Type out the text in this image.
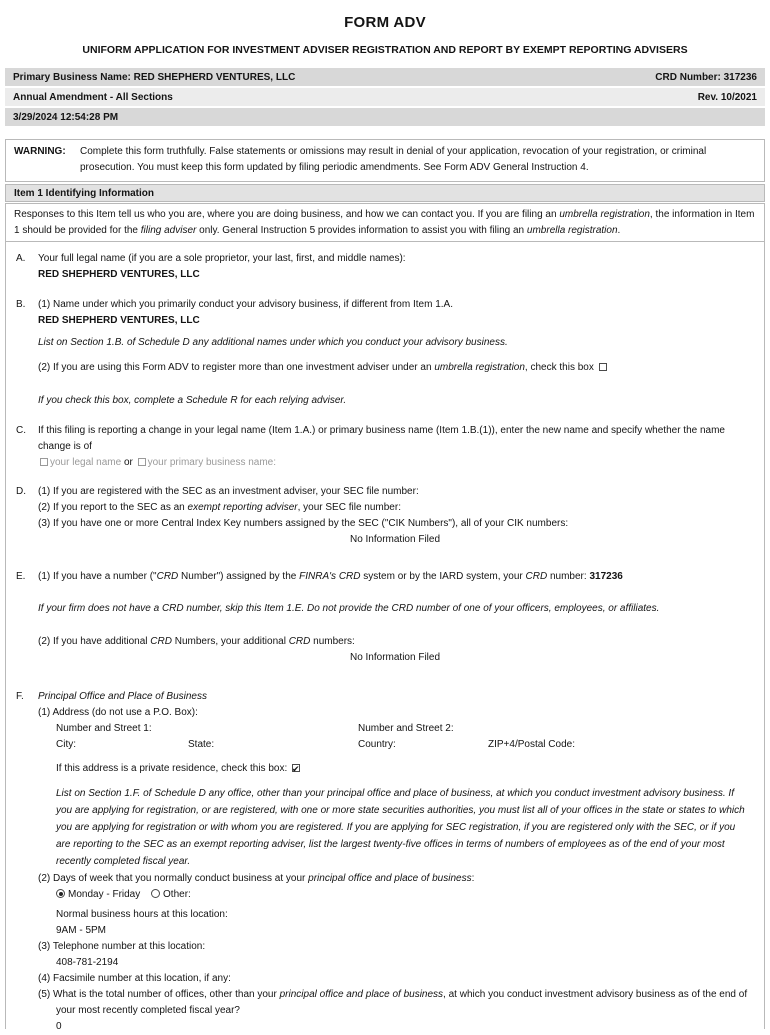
FORM ADV
UNIFORM APPLICATION FOR INVESTMENT ADVISER REGISTRATION AND REPORT BY EXEMPT REPORTING ADVISERS
Primary Business Name: RED SHEPHERD VENTURES, LLC	CRD Number: 317236
Annual Amendment - All Sections	Rev. 10/2021
3/29/2024 12:54:28 PM
WARNING:	Complete this form truthfully. False statements or omissions may result in denial of your application, revocation of your registration, or criminal prosecution. You must keep this form updated by filing periodic amendments. See Form ADV General Instruction 4.
Item 1 Identifying Information
Responses to this Item tell us who you are, where you are doing business, and how we can contact you. If you are filing an umbrella registration, the information in Item 1 should be provided for the filing adviser only. General Instruction 5 provides information to assist you with filing an umbrella registration.
A.	Your full legal name (if you are a sole proprietor, your last, first, and middle names):
RED SHEPHERD VENTURES, LLC
B.	(1) Name under which you primarily conduct your advisory business, if different from Item 1.A.
RED SHEPHERD VENTURES, LLC
List on Section 1.B. of Schedule D any additional names under which you conduct your advisory business.
(2) If you are using this Form ADV to register more than one investment adviser under an umbrella registration, check this box
If you check this box, complete a Schedule R for each relying adviser.
C.	If this filing is reporting a change in your legal name (Item 1.A.) or primary business name (Item 1.B.(1)), enter the new name and specify whether the name change is of
your legal name or your primary business name:
D.	(1) If you are registered with the SEC as an investment adviser, your SEC file number:
(2) If you report to the SEC as an exempt reporting adviser, your SEC file number:
(3) If you have one or more Central Index Key numbers assigned by the SEC ("CIK Numbers"), all of your CIK numbers:
No Information Filed
E.	(1) If you have a number ("CRD Number") assigned by the FINRA's CRD system or by the IARD system, your CRD number: 317236
If your firm does not have a CRD number, skip this Item 1.E. Do not provide the CRD number of one of your officers, employees, or affiliates.
(2) If you have additional CRD Numbers, your additional CRD numbers:
No Information Filed
F.	Principal Office and Place of Business
(1) Address (do not use a P.O. Box):
Number and Street 1:	Number and Street 2:
City:	State:	Country:	ZIP+4/Postal Code:
If this address is a private residence, check this box: ✔
List on Section 1.F. of Schedule D any office, other than your principal office and place of business, at which you conduct investment advisory business. If you are applying for registration, or are registered, with one or more state securities authorities, you must list all of your offices in the state or states to which you are applying for registration or with whom you are registered. If you are applying for SEC registration, if you are registered only with the SEC, or if you are reporting to the SEC as an exempt reporting adviser, list the largest twenty-five offices in terms of numbers of employees as of the end of your most recently completed fiscal year.
(2) Days of week that you normally conduct business at your principal office and place of business:
Monday - Friday Other:
Normal business hours at this location:
9AM - 5PM
(3) Telephone number at this location:
408-781-2194
(4) Facsimile number at this location, if any:
(5) What is the total number of offices, other than your principal office and place of business, at which you conduct investment advisory business as of the end of your most recently completed fiscal year?
0
